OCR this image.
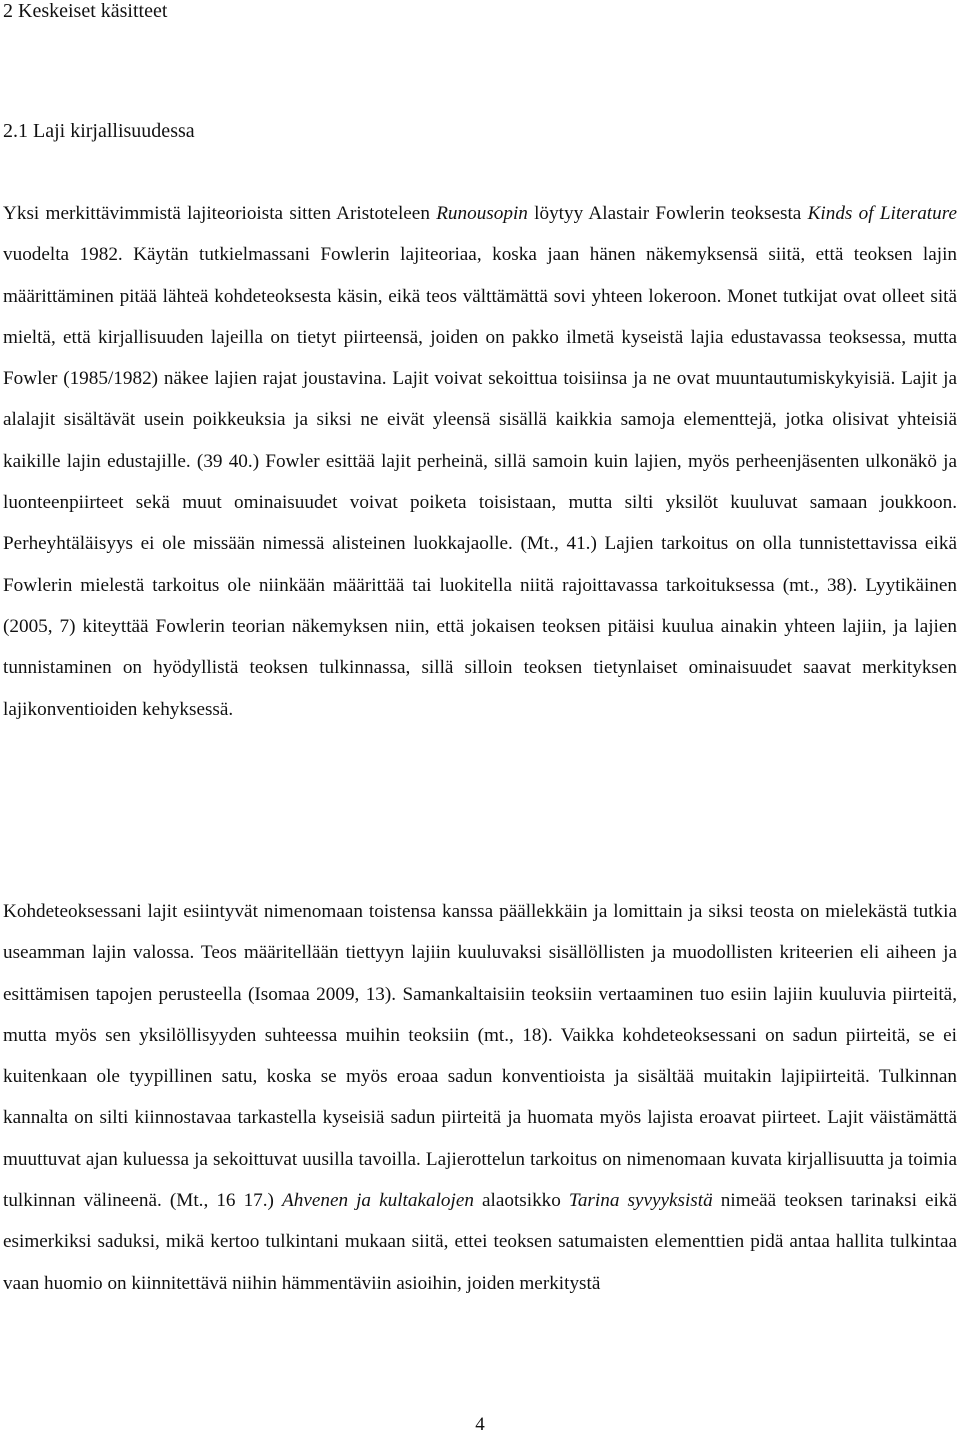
2 Keskeiset käsitteet
2.1 Laji kirjallisuudessa

Yksi merkittävimmistä lajiteorioista sitten Aristoteleen Runousopin löytyy Alastair Fowlerin teoksesta Kinds of Literature vuodelta 1982. Käytän tutkielmassani Fowlerin lajiteoriaa, koska jaan hänen näkemyksensä siitä, että teoksen lajin määrittäminen pitää lähteä kohdeteoksesta käsin, eikä teos välttämättä sovi yhteen lokeroon. Monet tutkijat ovat olleet sitä mieltä, että kirjallisuuden lajeilla on tietyt piirteensä, joiden on pakko ilmetä kyseistä lajia edustavassa teoksessa, mutta Fowler (1985/1982) näkee lajien rajat joustavina. Lajit voivat sekoittua toisiinsa ja ne ovat muuntautumiskykyisiä. Lajit ja alalajit sisältävät usein poikkeuksia ja siksi ne eivät yleensä sisällä kaikkia samoja elementtejä, jotka olisivat yhteisiä kaikille lajin edustajille. (39 40.) Fowler esittää lajit perheinä, sillä samoin kuin lajien, myös perheenjäsenten ulkonäkö ja luonteenpiirteet sekä muut ominaisuudet voivat poiketa toisistaan, mutta silti yksilöt kuuluvat samaan joukkoon. Perheyhtäläisyys ei ole missään nimessä alisteinen luokkajaolle. (Mt., 41.) Lajien tarkoitus on olla tunnistettavissa eikä Fowlerin mielestä tarkoitus ole niinkään määrittää tai luokitella niitä rajoittavassa tarkoituksessa (mt., 38). Lyytikäinen (2005, 7) kiteyttää Fowlerin teorian näkemyksen niin, että jokaisen teoksen pitäisi kuulua ainakin yhteen lajiin, ja lajien tunnistaminen on hyödyllistä teoksen tulkinnassa, sillä silloin teoksen tietynlaiset ominaisuudet saavat merkityksen lajikonventioiden kehyksessä.

Kohdeteoksessani lajit esiintyvät nimenomaan toistensa kanssa päällekkäin ja lomittain ja siksi teosta on mielekästä tutkia useamman lajin valossa. Teos määritellään tiettyyn lajiin kuuluvaksi sisällöllisten ja muodollisten kriteerien eli aiheen ja esittämisen tapojen perusteella (Isomaa 2009, 13). Samankaltaisiin teoksiin vertaaminen tuo esiin lajiin kuuluvia piirteitä, mutta myös sen yksilöllisyyden suhteessa muihin teoksiin (mt., 18). Vaikka kohdeteoksessani on sadun piirteitä, se ei kuitenkaan ole tyypillinen satu, koska se myös eroaa sadun konventioista ja sisältää muitakin lajipiirteitä. Tulkinnan kannalta on silti kiinnostavaa tarkastella kyseisiä sadun piirteitä ja huomata myös lajista eroavat piirteet. Lajit väistämättä muuttuvat ajan kuluessa ja sekoittuvat uusilla tavoilla. Lajierottelun tarkoitus on nimenomaan kuvata kirjallisuutta ja toimia tulkinnan välineenä. (Mt., 16 17.) Ahvenen ja kultakalojen alaotsikko Tarina syvyyksistä nimeää teoksen tarinaksi eikä esimerkiksi saduksi, mikä kertoo tulkintani mukaan siitä, ettei teoksen satumaisten elementtien pidä antaa hallita tulkintaa vaan huomio on kiinnitettävä niihin hämmentäviin asioihin, joiden merkitystä

4
